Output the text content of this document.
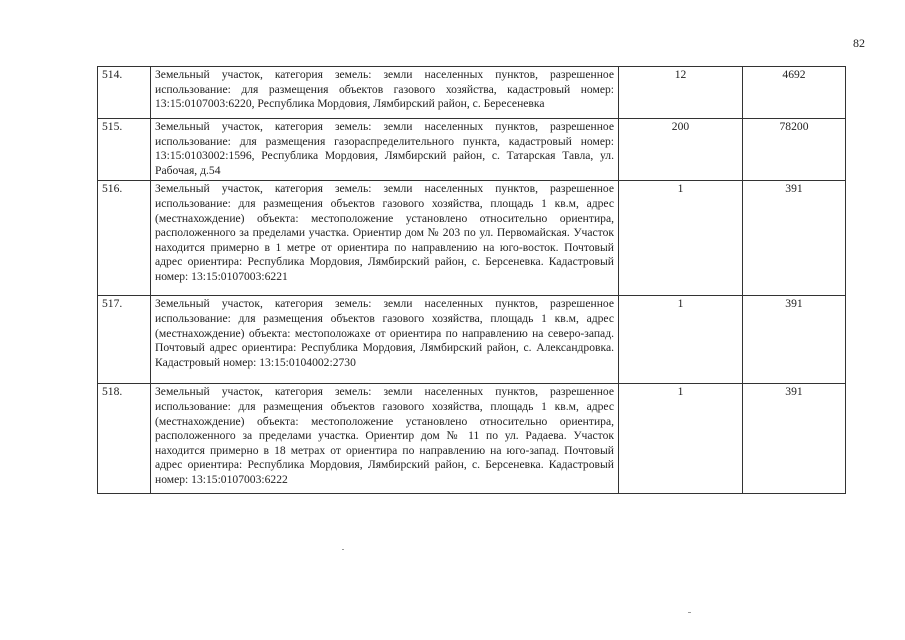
82
514.	Земельный участок, категория земель: земли населенных пунктов, разрешенное использование: для размещения объектов газового хозяйства, кадастровый номер: 13:15:0107003:6220, Республика Мордовия, Лямбирский район, с. Бересеневка	12	4692
515.	Земельный участок, категория земель: земли населенных пунктов, разрешенное использование: для размещения газораспределительного пункта, кадастровый номер: 13:15:0103002:1596, Республика Мордовия, Лямбирский район, с. Татарская Тавла, ул. Рабочая, д.54	200	78200
516.	Земельный участок, категория земель: земли населенных пунктов, разрешенное использование: для размещения объектов газового хозяйства, площадь 1 кв.м, адрес (местнахождение) объекта: местоположение установлено относительно ориентира, расположенного за пределами участка. Ориентир дом № 203 по ул. Первомайская. Участок находится примерно в 1 метре от ориентира по направлению на юго-восток. Почтовый адрес ориентира: Республика Мордовия, Лямбирский район, с. Берсеневка. Кадастровый номер: 13:15:0107003:6221	1	391
517.	Земельный участок, категория земель: земли населенных пунктов, разрешенное использование: для размещения объектов газового хозяйства, площадь 1 кв.м, адрес (местнахождение) объекта: местоположахе от ориентира по направлению на северо-запад. Почтовый адрес ориентира: Республика Мордовия, Лямбирский район, с. Александровка. Кадастровый номер: 13:15:0104002:2730	1	391
518.	Земельный участок, категория земель: земли населенных пунктов, разрешенное использование: для размещения объектов газового хозяйства, площадь 1 кв.м, адрес (местнахождение) объекта: местоположение установлено относительно ориентира, расположенного за пределами участка. Ориентир дом № 11 по ул. Радаева. Участок находится примерно в 18 метрах от ориентира по направлению на юго-запад. Почтовый адрес ориентира: Республика Мордовия, Лямбирский район, с. Берсеневка. Кадастровый номер: 13:15:0107003:6222	1	391
